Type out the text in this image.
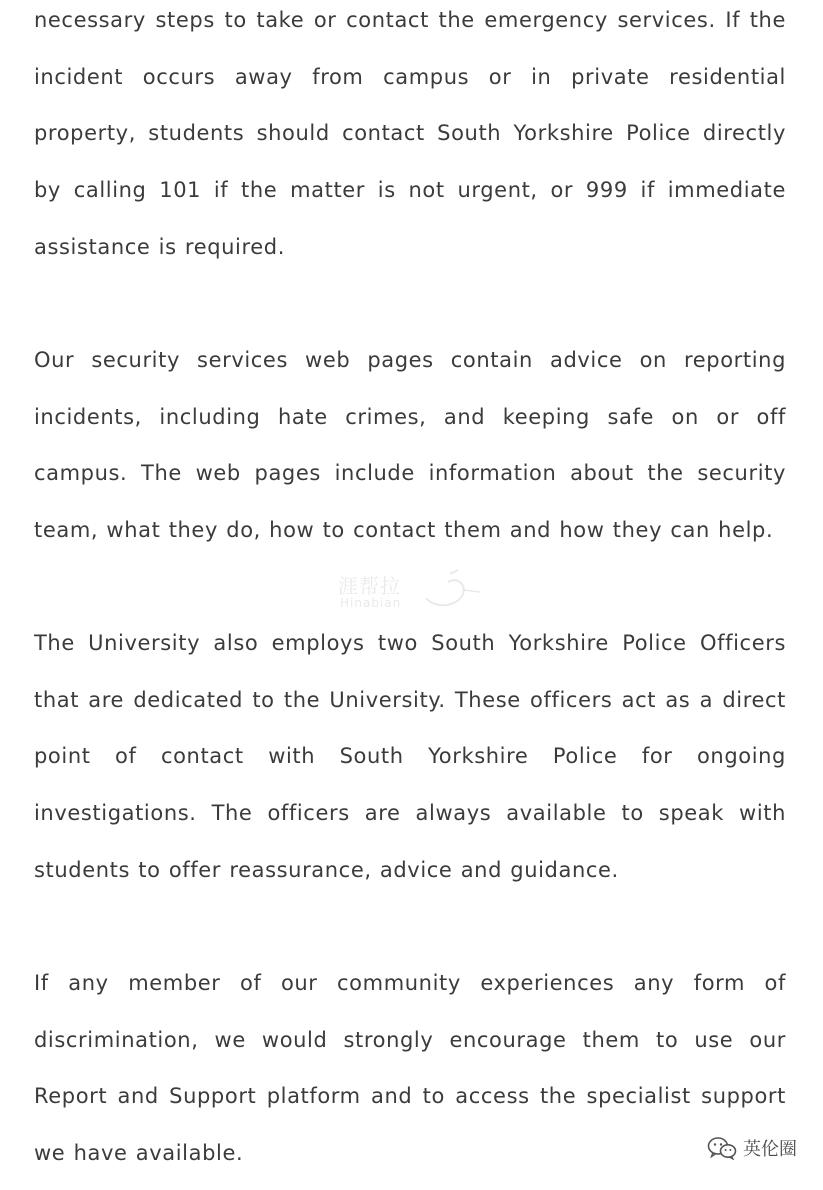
necessary steps to take or contact the emergency services. If the
incident occurs away from campus or in private residential
property, students should contact South Yorkshire Police directly
by calling 101 if the matter is not urgent, or 999 if immediate
assistance is required.
Our security services web pages contain advice on reporting
incidents, including hate crimes, and keeping safe on or off
campus. The web pages include information about the security
team, what they do, how to contact them and how they can help.
涯帮拉
Hinabian
The University also employs two South Yorkshire Police Officers
that are dedicated to the University. These officers act as a direct
point of contact with South Yorkshire Police for ongoing
investigations. The officers are always available to speak with
students to offer reassurance, advice and guidance.
If any member of our community experiences any form of
discrimination, we would strongly encourage them to use our
Report and Support platform and to access the specialist support
we have available.	英伦圈
